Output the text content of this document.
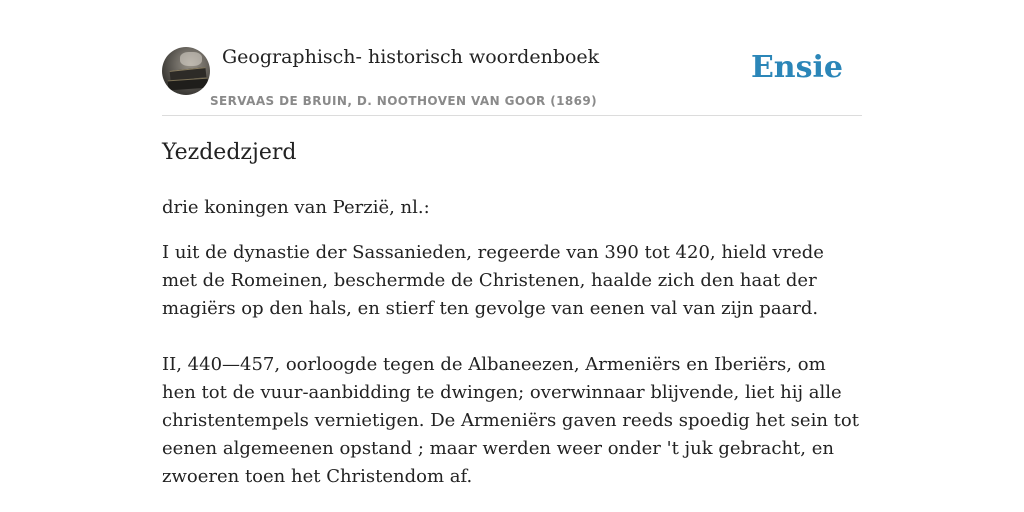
Geographisch- historisch woordenboek
SERVAAS DE BRUIN, D. NOOTHOVEN VAN GOOR (1869)
Ensie
Yezdedzjerd

drie koningen van Perzië, nl.:

I uit de dynastie der Sassanieden, regeerde van 390 tot 420, hield vrede met de Romeinen, beschermde de Christenen, haalde zich den haat der magiërs op den hals, en stierf ten gevolge van eenen val van zijn paard.

II, 440—457, oorloogde tegen de Albaneezen, Armeniërs en Iberiërs, om hen tot de vuur-aanbidding te dwingen; overwinnaar blijvende, liet hij alle christentempels vernietigen. De Armeniërs gaven reeds spoedig het sein tot eenen algemeenen opstand ; maar werden weer onder 't juk gebracht, en zwoeren toen het Christendom af.
